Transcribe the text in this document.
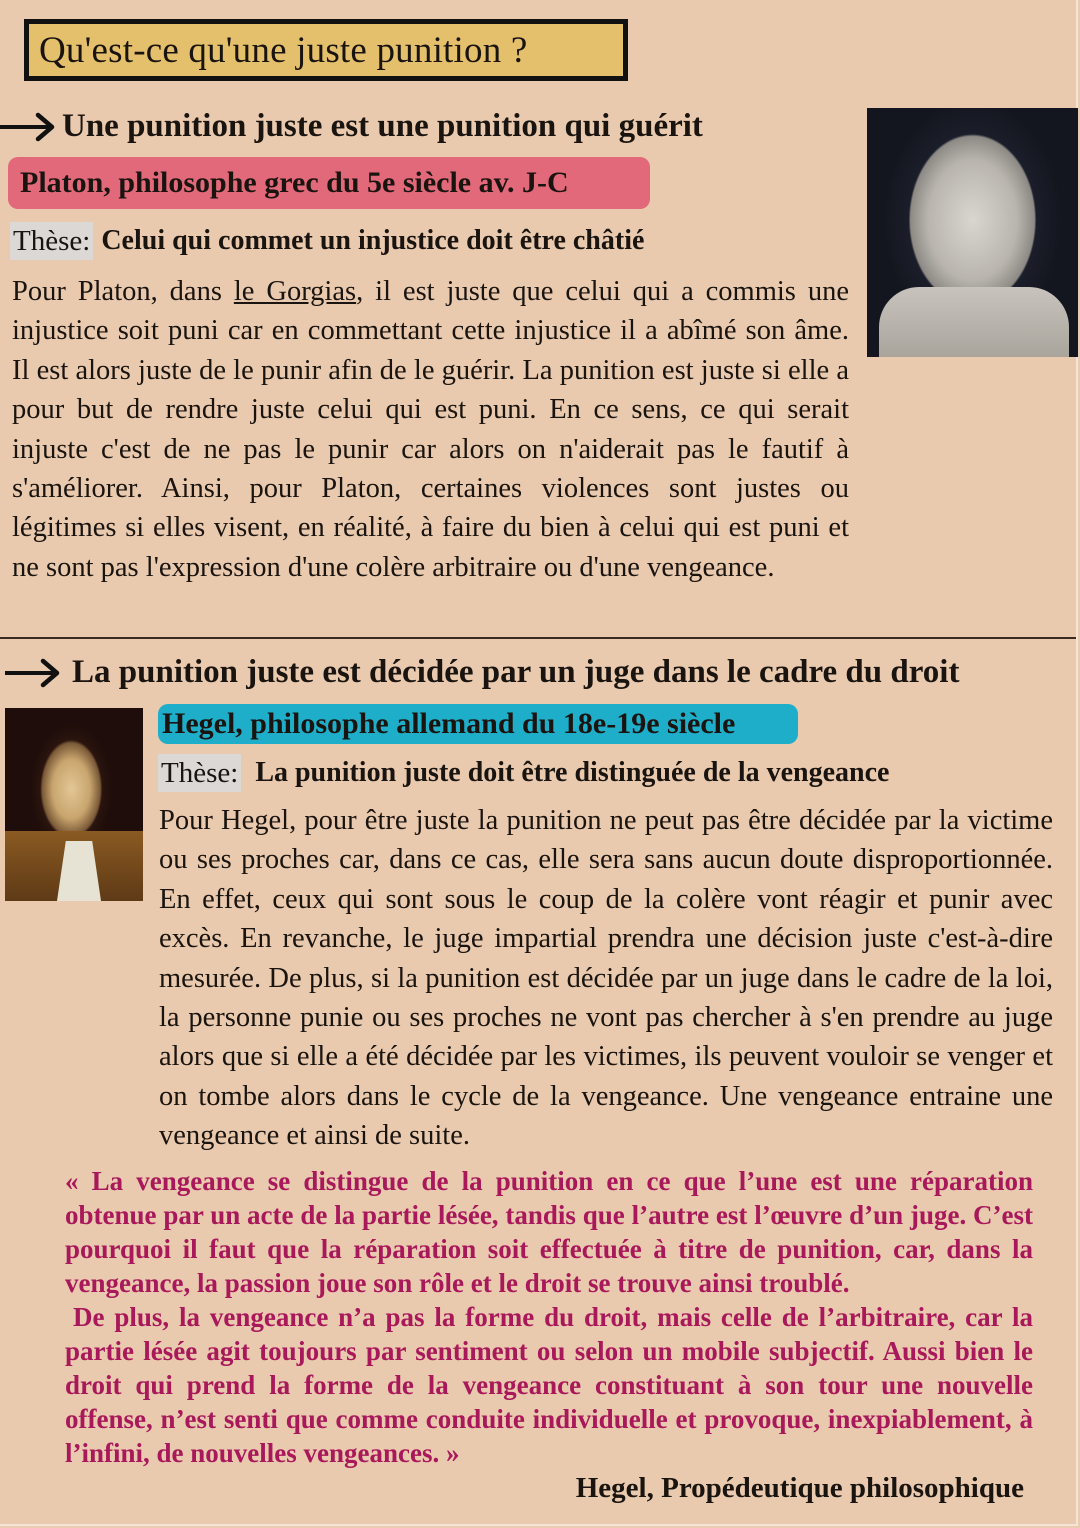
Qu'est-ce qu'une juste punition ?
Une punition juste est une punition qui guérit
Platon, philosophe grec du 5e siècle av. J-C
Thèse: Celui qui commet un injustice doit être châtié
Pour Platon, dans le Gorgias, il est juste que celui qui a commis une injustice soit puni car en commettant cette injustice il a abîmé son âme. Il est alors juste de le punir afin de le guérir. La punition est juste si elle a pour but de rendre juste celui qui est puni. En ce sens, ce qui serait injuste c'est de ne pas le punir car alors on n'aiderait pas le fautif à s'améliorer. Ainsi, pour Platon, certaines violences sont justes ou légitimes si elles visent, en réalité, à faire du bien à celui qui est puni et ne sont pas l'expression d'une colère arbitraire ou d'une vengeance.
La punition juste est décidée par un juge dans le cadre du droit
Hegel, philosophe allemand du 18e-19e siècle
Thèse: La punition juste doit être distinguée de la vengeance
Pour Hegel, pour être juste la punition ne peut pas être décidée par la victime ou ses proches car, dans ce cas, elle sera sans aucun doute disproportionnée. En effet, ceux qui sont sous le coup de la colère vont réagir et punir avec excès. En revanche, le juge impartial prendra une décision juste c'est-à-dire mesurée. De plus, si la punition est décidée par un juge dans le cadre de la loi, la personne punie ou ses proches ne vont pas chercher à s'en prendre au juge alors que si elle a été décidée par les victimes, ils peuvent vouloir se venger et on tombe alors dans le cycle de la vengeance. Une vengeance entraine une vengeance et ainsi de suite.

« La vengeance se distingue de la punition en ce que l’une est une réparation obtenue par un acte de la partie lésée, tandis que l’autre est l’œuvre d’un juge. C’est pourquoi il faut que la réparation soit effectuée à titre de punition, car, dans la vengeance, la passion joue son rôle et le droit se trouve ainsi troublé.

De plus, la vengeance n’a pas la forme du droit, mais celle de l’arbitraire, car la partie lésée agit toujours par sentiment ou selon un mobile subjectif. Aussi bien le droit qui prend la forme de la vengeance constituant à son tour une nouvelle offense, n’est senti que comme conduite individuelle et provoque, inexpiablement, à l’infini, de nouvelles vengeances. »

Hegel, Propédeutique philosophique
